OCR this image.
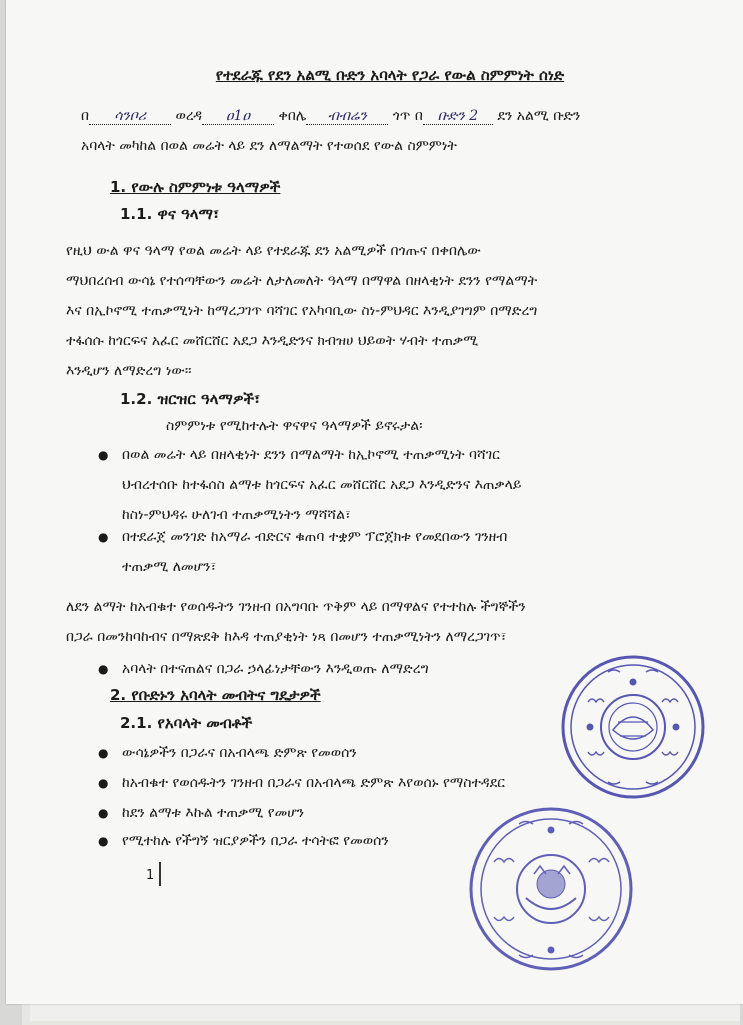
የተደራጁ የደን አልሚ ቡድን አባላት የጋራ የውል ስምምነት ሰነድ
በ ሳንቦሪ ወረዳ ዐ1ዐ ቀበሌ ብብሬን ጎጥ በ ቡድን 2 ደን አልሚ ቡድን
አባላት መካከል በወል መሬት ላይ ደን ለማልማት የተወሰደ የውል ስምምነት
1. የውሉ ስምምነቱ ዓላማዎች
1.1. ዋና ዓላማ፣

የዚህ ውል ዋና ዓላማ የወል መሬት ላይ የተደራጁ ደን አልሚዎች በጎጡና በቀበሌው

ማህበረሰብ ውሳኔ የተሰጣቸውን መሬት ለታለመለት ዓላማ በማዋል በዘላቂነት ደንን የማልማት

እና በኢኮኖሚ ተጠቃሚነት ከማረጋገጥ ባሻገር የአካባቢው ስነ-ምህዳር እንዲያገግም በማድረግ

ተፋሰሱ ከጎርፍና አፈር መሸርሸር አደጋ እንዲድንና ክብዝሀ ህይወት ሃብት ተጠቃሚ

እንዲሆን ለማድረግ ነው፡፡

1.2. ዝርዝር ዓላማዎች፣
ስምምነቱ የሚከተሉት ዋናዋና ዓላማዎች ይኖሩታል፡
● በወል መሬት ላይ በዘላቂነት ደንን በማልማት ከኢኮኖሚ ተጠቃሚነት ባሻገር
ህብረተሰቡ ከተፋሰስ ልማቱ ከጎርፍና አፈር መሸርሸር አደጋ እንዲድንና እጠቃላይ
ከስነ-ምህዳሩ ሁለገብ ተጠቃሚነትን ማሻሻል፣
● በተደራጀ መንገድ ከአማራ ብድርና ቁጠባ ተቋም ፕሮጀክቱ የመደበውን ገንዘብ
ተጠቃሚ ለመሆን፣

ለደን ልማት ከአብቁተ የወሰዱትን ገንዘብ በአግባቡ ጥቅም ላይ በማዋልና የተተከሉ ችግኞችን

በጋራ በመንከባከብና በማጽደቅ ከእዳ ተጠያቂነት ነጻ በመሆን ተጠቃሚነትን ለማረጋገጥ፣

● አባላት በተናጠልና በጋራ ኃላፊነታቸውን እንዲወጡ ለማድረግ
2. የቡድኑን አባላት መብትና ግዴታዎች
2.1. የአባላት መብቶች
● ውሳኔዎችን በጋራና በአብላጫ ድምጽ የመወሰን
● ከአብቁተ የወሰዱትን ገንዘብ በጋራና በአብላጫ ድምጽ እየወሰኑ የማስተዳደር
● ከደን ልማቱ እኩል ተጠቃሚ የመሆን
● የሚተከሉ የችግኝ ዝርያዎችን በጋራ ተሳትፎ የመወሰን
1
